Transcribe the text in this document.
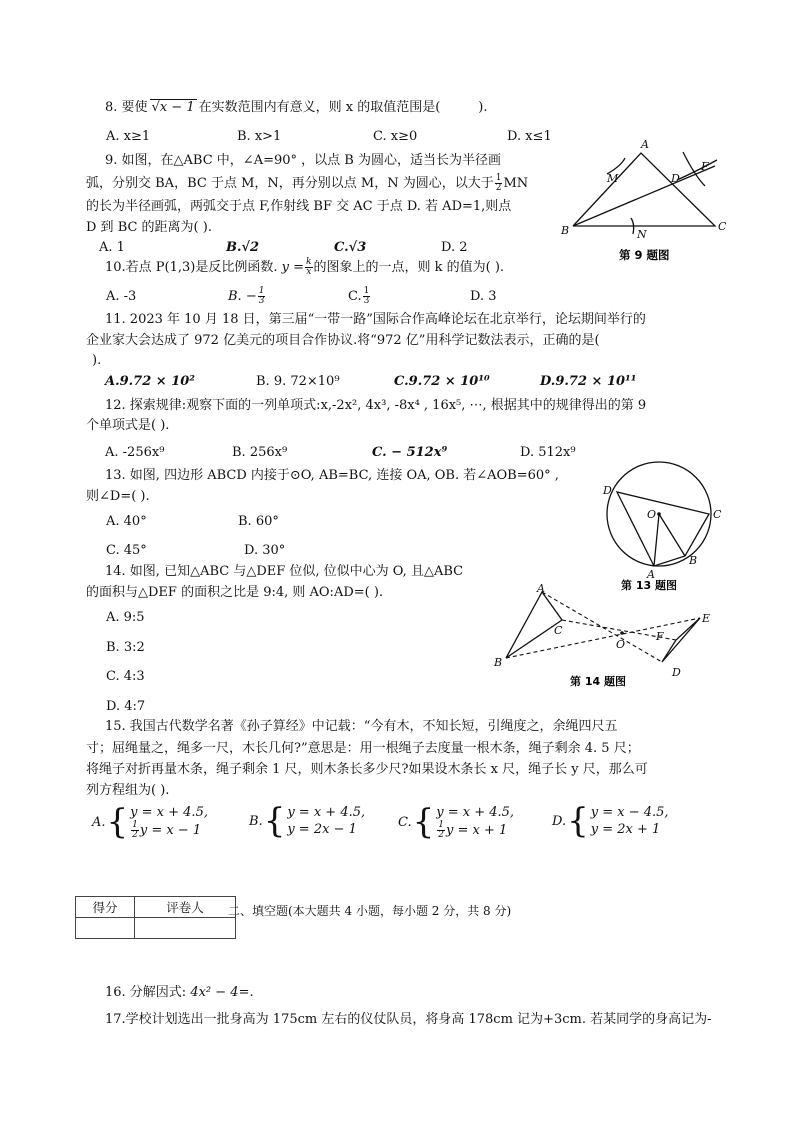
8. 要使 √x − 1 在实数范围内有意义，则 x 的取值范围是(	).
A. x≥1	B. x>1	C. x≥0	D. x≤1
9. 如图，在△ABC 中，∠A=90° ，以点 B 为圆心，适当长为半径画
弧，分别交 BA，BC 于点 M，N，再分别以点 M，N 为圆心，以大于 $\frac{1}{2}$ MN
的长为半径画弧，两弧交于点 F,作射线 BF 交 AC 于点 D. 若 AD=1,则点
D 到 BC 的距离为( ).
A. 1	B.√2	C.√3	D. 2
A
B	C
D
F
M
N
第 9 题图
10.若点 P(1,3)是反比例函数. $y = \frac{k}{x}$ 的图象上的一点，则 k 的值为( ).
A. -3	B. − $\frac{1}{3}$	C. $\frac{1}{3}$	D. 3
11. 2023 年 10 月 18 日，第三届“一带一路”国际合作高峰论坛在北京举行，论坛期间举行的
企业家大会达成了 972 亿美元的项目合作协议.将“972 亿”用科学记数法表示，正确的是(
).
A.9.72 × 10²	B. 9. 72×10⁹	C.9.72 × 10¹⁰	D.9.72 × 10¹¹
12. 探索规律:观察下面的一列单项式:x,-2x², 4x³, -8x⁴ , 16x⁵, ⋯, 根据其中的规律得出的第 9
个单项式是( ).
A. -256x⁹	B. 256x⁹	C. − 512x⁹	D. 512x⁹
13. 如图, 四边形 ABCD 内接于⊙O, AB=BC, 连接 OA, OB. 若∠AOB=60° ,
则∠D=( ).
A. 40°	B. 60°
C. 45°	D. 30°
O
D
C
B
A
第 13 题图
14. 如图, 已知△ABC 与△DEF 位似, 位似中心为 O, 且△ABC
的面积与△DEF 的面积之比是 9:4, 则 AO:AD=( ).
A. 9:5
B. 3:2
C. 4:3
D. 4:7
A
B
C
O
F
E
D
第 14 题图
15. 我国古代数学名著《孙子算经》中记载：“今有木，不知长短，引绳度之，余绳四尺五
寸；屈绳量之，绳多一尺，木长几何?”意思是：用一根绳子去度量一根木条，绳子剩余 4. 5 尺；
将绳子对折再量木条，绳子剩余 1 尺，则木条长多少尺?如果设木条长 x 尺，绳子长 y 尺，那么可
列方程组为( ).
A. { y = x + 4.5,
$\frac{1}{2}$ y = x − 1
B. { y = x + 4.5,
y = 2x − 1	C. { y = x + 4.5,
$\frac{1}{2}$ y = x + 1
D. { y = x − 4.5,
y = 2x + 1
得分	评卷人
	二、填空题(本大题共 4 小题，每小题 2 分，共 8 分)
16. 分解因式: 4x² − 4=.
17.学校计划选出一批身高为 175cm 左右的仪仗队员，将身高 178cm 记为+3cm. 若某同学的身高记为-
